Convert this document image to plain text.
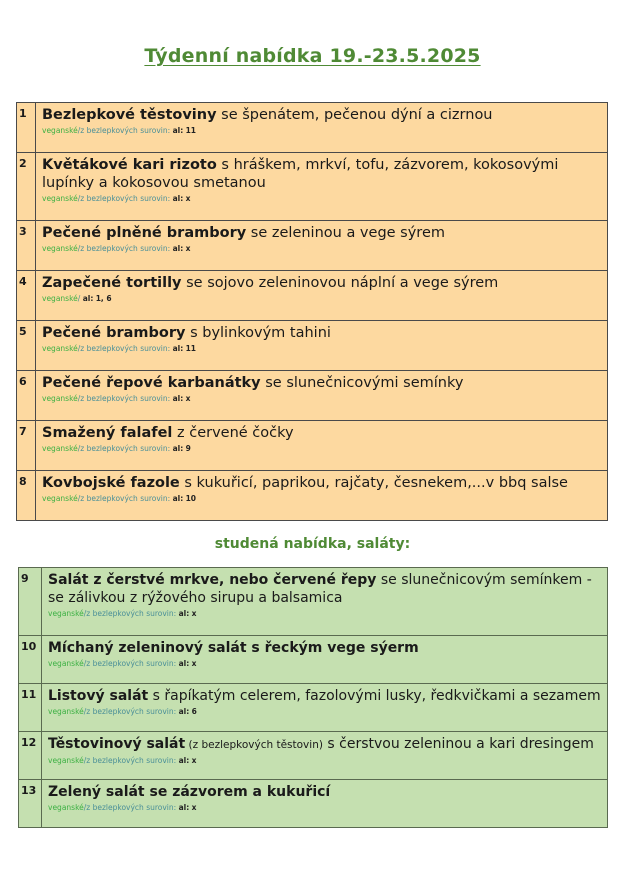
Týdenní nabídka 19.-23.5.2025
1	Bezlepkové těstoviny se špenátem, pečenou dýní a cizrnou
veganské/z bezlepkových surovin: al: 11

2	Květákové kari rizoto s hráškem, mrkví, tofu, zázvorem, kokosovými lupínky a kokosovou smetanou
veganské/z bezlepkových surovin: al: x

3	Pečené plněné brambory se zeleninou a vege sýrem
veganské/z bezlepkových surovin: al: x

4	Zapečené tortilly se sojovo zeleninovou náplní a vege sýrem
veganské/ al: 1, 6

5	Pečené brambory s bylinkovým tahini
veganské/z bezlepkových surovin: al: 11

6	Pečené řepové karbanátky se slunečnicovými semínky
veganské/z bezlepkových surovin: al: x

7	Smažený falafel z červené čočky
veganské/z bezlepkových surovin: al: 9

8	Kovbojské fazole s kukuřicí, paprikou, rajčaty, česnekem,...v bbq salse
veganské/z bezlepkových surovin: al: 10
studená nabídka, saláty:
9	Salát z čerstvé mrkve, nebo červené řepy se slunečnicovým semínkem - se zálivkou z rýžového sirupu a balsamica
veganské/z bezlepkových surovin: al: x

10	Míchaný zeleninový salát s řeckým vege sýerm
veganské/z bezlepkových surovin: al: x

11	Listový salát s řapíkatým celerem, fazolovými lusky, ředkvičkami a sezamem
veganské/z bezlepkových surovin: al: 6

12	Těstovinový salát (z bezlepkových těstovin) s čerstvou zeleninou a kari dresingem
veganské/z bezlepkových surovin: al: x

13	Zelený salát se zázvorem a kukuřicí
veganské/z bezlepkových surovin: al: x
